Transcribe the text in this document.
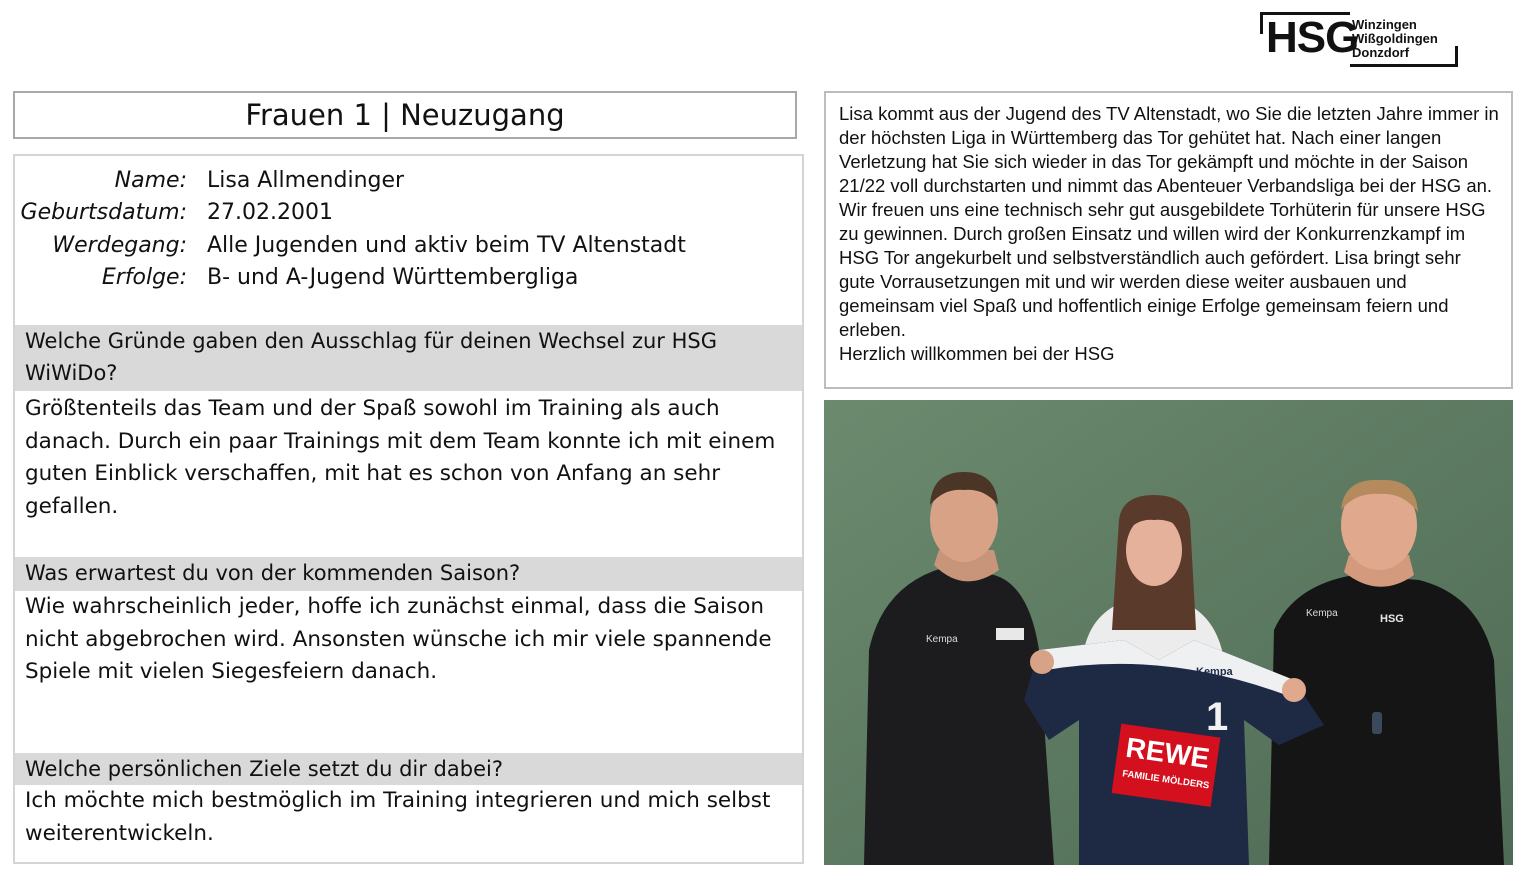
HSG
Winzingen
Wißgoldingen
Donzdorf
Frauen 1 | Neuzugang
Name: Lisa Allmendinger
Geburtsdatum: 27.02.2001
Werdegang: Alle Jugenden und aktiv beim TV Altenstadt
Erfolge: B- und A-Jugend Württembergliga
Welche Gründe gaben den Ausschlag für deinen Wechsel zur HSG WiWiDo?
Größtenteils das Team und der Spaß sowohl im Training als auch danach. Durch ein paar Trainings mit dem Team konnte ich mit einem guten Einblick verschaffen, mit hat es schon von Anfang an sehr gefallen.
Was erwartest du von der kommenden Saison?
Wie wahrscheinlich jeder, hoffe ich zunächst einmal, dass die Saison nicht abgebrochen wird. Ansonsten wünsche ich mir viele spannende Spiele mit vielen Siegesfeiern danach.
Welche persönlichen Ziele setzt du dir dabei?
Ich möchte mich bestmöglich im Training integrieren und mich selbst weiterentwickeln.

Lisa kommt aus der Jugend des TV Altenstadt, wo Sie die letzten Jahre immer in der höchsten Liga in Württemberg das Tor gehütet hat. Nach einer langen Verletzung hat Sie sich wieder in das Tor gekämpft und möchte in der Saison 21/22 voll durchstarten und nimmt das Abenteuer Verbandsliga bei der HSG an. Wir freuen uns eine technisch sehr gut ausgebildete Torhüterin für unsere HSG zu gewinnen. Durch großen Einsatz und willen wird der Konkurrenzkampf im HSG Tor angekurbelt und selbstverständlich auch gefördert. Lisa bringt sehr gute Vorrausetzungen mit und wir werden diese weiter ausbauen und gemeinsam viel Spaß und hoffentlich einige Erfolge gemeinsam feiern und erleben.

Herzlich willkommen bei der HSG

Kempa
Kempa	HSG
Kempa
1
REWE
FAMILIE MÖLDERS
